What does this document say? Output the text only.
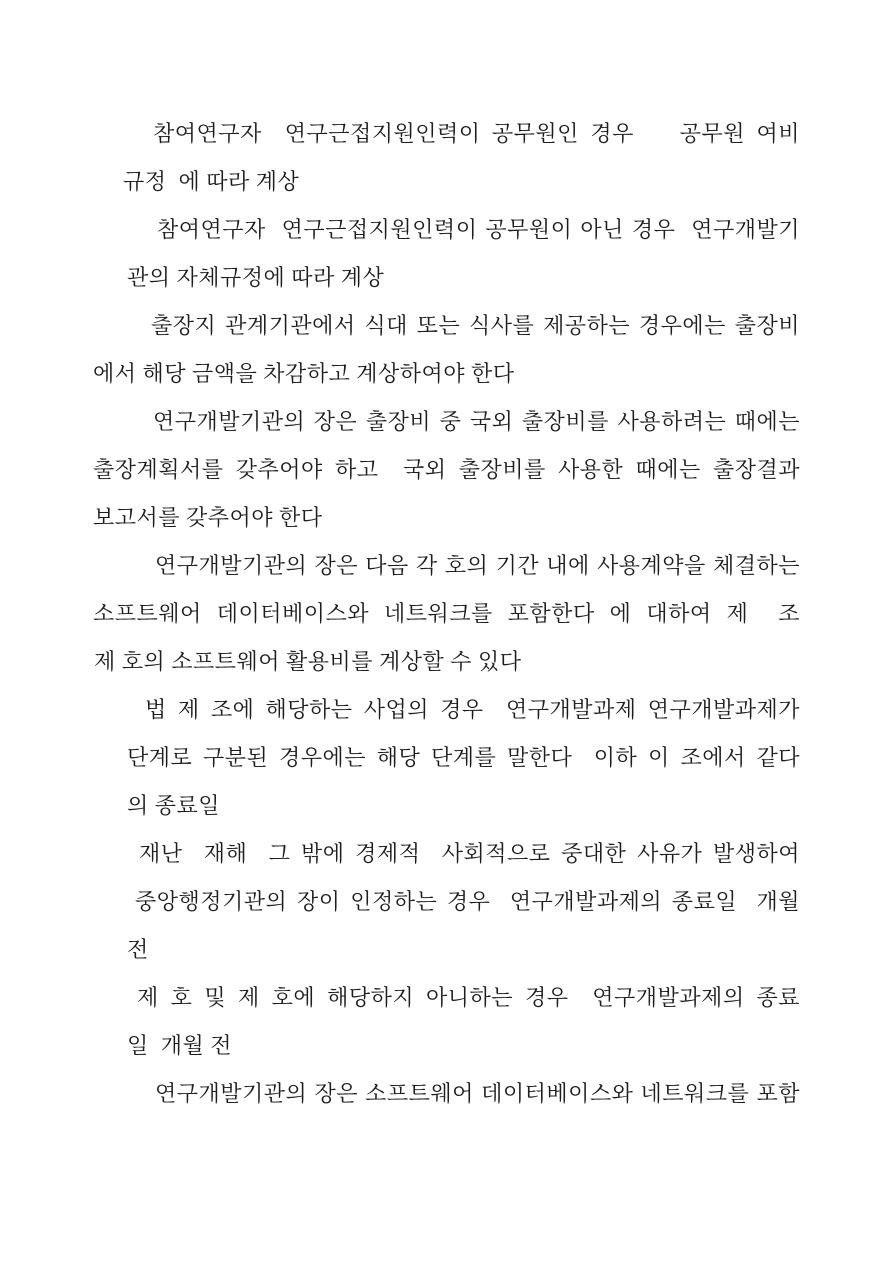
참여연구자  연구근접지원인력이 공무원인 경우    공무원 여비
규정  에 따라 계상
참여연구자  연구근접지원인력이 공무원이 아닌 경우  연구개발기
관의 자체규정에 따라 계상
출장지 관계기관에서 식대 또는 식사를 제공하는 경우에는 출장비
에서 해당 금액을 차감하고 계상하여야 한다
연구개발기관의 장은 출장비 중 국외 출장비를 사용하려는 때에는
출장계획서를 갖추어야 하고  국외 출장비를 사용한 때에는 출장결과
보고서를 갖추어야 한다
연구개발기관의 장은 다음 각 호의 기간 내에 사용계약을 체결하는
소프트웨어 데이터베이스와 네트워크를 포함한다 에 대하여 제  조
제 호의 소프트웨어 활용비를 계상할 수 있다
법 제 조에 해당하는 사업의 경우  연구개발과제 연구개발과제가
단계로 구분된 경우에는 해당 단계를 말한다  이하 이 조에서 같다
의 종료일
재난  재해  그 밖에 경제적  사회적으로 중대한 사유가 발생하여
중앙행정기관의 장이 인정하는 경우  연구개발과제의 종료일  개월
전
제 호 및 제 호에 해당하지 아니하는 경우  연구개발과제의 종료
일  개월 전
연구개발기관의 장은 소프트웨어 데이터베이스와 네트워크를 포함
